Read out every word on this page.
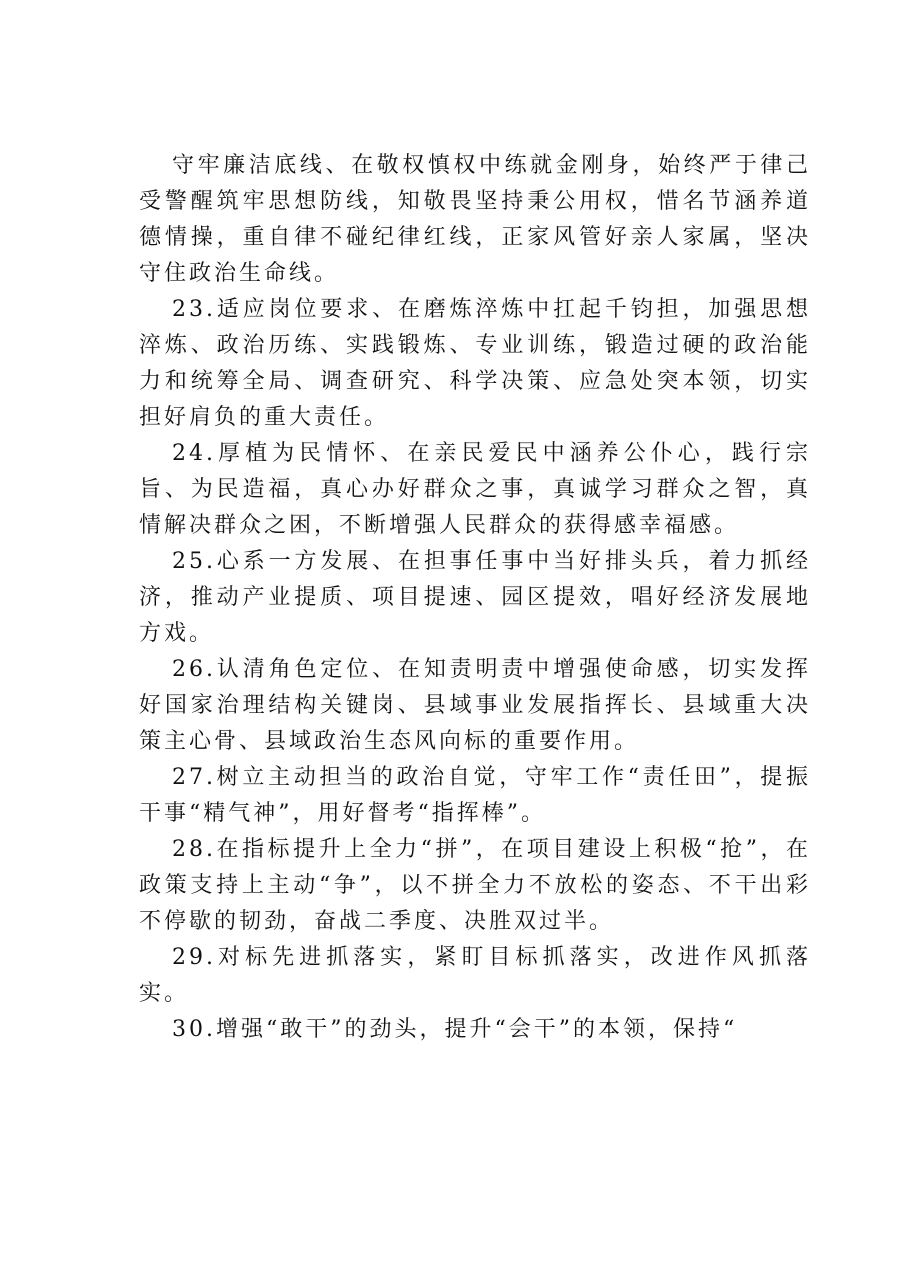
守牢廉洁底线、在敬权慎权中练就金刚身，始终严于律己受警醒筑牢思想防线，知敬畏坚持秉公用权，惜名节涵养道德情操，重自律不碰纪律红线，正家风管好亲人家属，坚决守住政治生命线。

23.适应岗位要求、在磨炼淬炼中扛起千钧担，加强思想淬炼、政治历练、实践锻炼、专业训练，锻造过硬的政治能力和统筹全局、调查研究、科学决策、应急处突本领，切实担好肩负的重大责任。

24.厚植为民情怀、在亲民爱民中涵养公仆心，践行宗旨、为民造福，真心办好群众之事，真诚学习群众之智，真情解决群众之困，不断增强人民群众的获得感幸福感。

25.心系一方发展、在担事任事中当好排头兵，着力抓经济，推动产业提质、项目提速、园区提效，唱好经济发展地方戏。

26.认清角色定位、在知责明责中增强使命感，切实发挥好国家治理结构关键岗、县域事业发展指挥长、县域重大决策主心骨、县域政治生态风向标的重要作用。

27.树立主动担当的政治自觉，守牢工作“责任田”，提振干事“精气神”，用好督考“指挥棒”。

28.在指标提升上全力“拼”，在项目建设上积极“抢”，在政策支持上主动“争”，以不拼全力不放松的姿态、不干出彩不停歇的韧劲，奋战二季度、决胜双过半。

29.对标先进抓落实，紧盯目标抓落实，改进作风抓落实。

30.增强“敢干”的劲头，提升“会干”的本领，保持“
